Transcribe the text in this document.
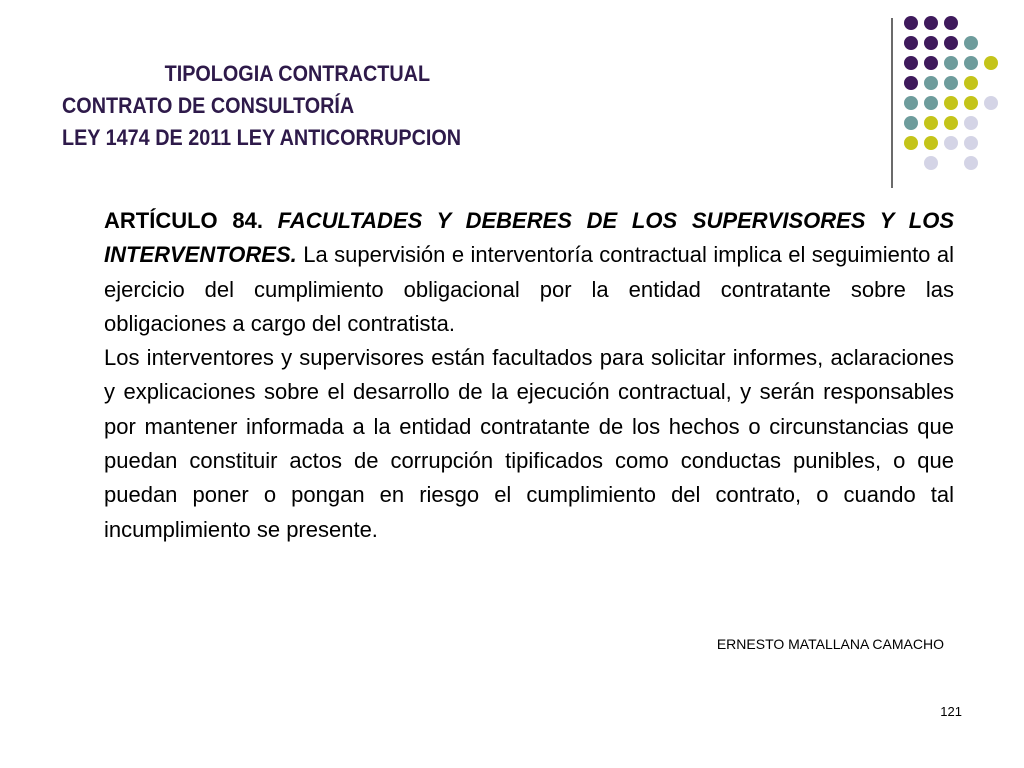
TIPOLOGIA CONTRACTUAL
CONTRATO DE CONSULTORÍA
LEY 1474 DE 2011 LEY ANTICORRUPCION

ARTÍCULO 84. FACULTADES Y DEBERES DE LOS SUPERVISORES Y LOS INTERVENTORES. La supervisión e interventoría contractual implica el seguimiento al ejercicio del cumplimiento obligacional por la entidad contratante sobre las obligaciones a cargo del contratista.

Los interventores y supervisores están facultados para solicitar informes, aclaraciones y explicaciones sobre el desarrollo de la ejecución contractual, y serán responsables por mantener informada a la entidad contratante de los hechos o circunstancias que puedan constituir actos de corrupción tipificados como conductas punibles, o que puedan poner o pongan en riesgo el cumplimiento del contrato, o cuando tal incumplimiento se presente.

ERNESTO MATALLANA CAMACHO
121
